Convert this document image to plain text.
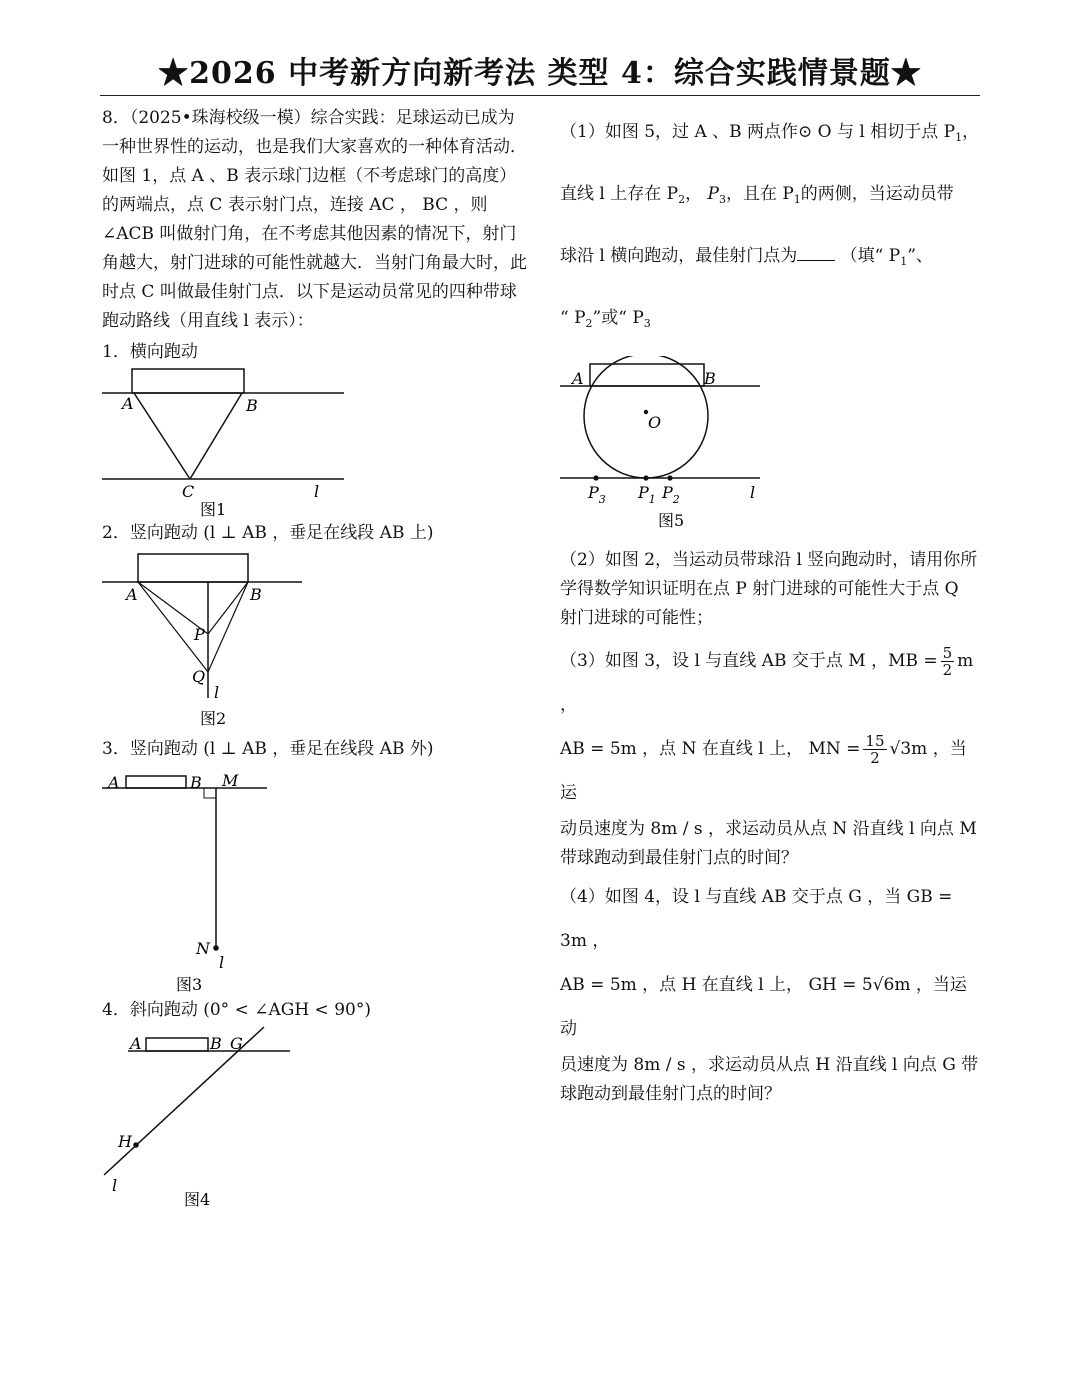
★2026 中考新方向新考法 类型 4：综合实践情景题★

8．（2025•珠海校级一模）综合实践：足球运动已成为一种世界性的运动，也是我们大家喜欢的一种体育活动．如图 1，点 A 、B 表示球门边框（不考虑球门的高度）的两端点，点 C 表示射门点，连接 AC ， BC ，则 ∠ACB 叫做射门角，在不考虑其他因素的情况下，射门角越大，射门进球的可能性就越大．当射门角最大时，此时点 C 叫做最佳射门点．以下是运动员常见的四种带球跑动路线（用直线 l 表示）：

1．横向跑动

A	B
C	l
图1

2．竖向跑动 (l ⊥ AB ，垂足在线段 AB 上)

A	B
P
Q
l
图2

3．竖向跑动 (l ⊥ AB ，垂足在线段 AB 外)

A	B M
N
l
图3

4．斜向跑动 (0° < ∠AGH < 90°)

A	B G
H
l
图4

（1）如图 5，过 A 、B 两点作⊙ O 与 l 相切于点 $P_1$，
直线 l 上存在 $P_2$， $P_3$，且在 $P_1$的两侧，当运动员带
球沿 l 横向跑动，最佳射门点为	（填“ $P_1$”、
“ $P_2$”或“ $P_3$

A	B
O
$P_3$ $P_1$ $P_2$	l
图5

（2）如图 2，当运动员带球沿 l 竖向跑动时，请用你所学得数学知识证明在点 P 射门进球的可能性大于点 Q 射门进球的可能性；

（3）如图 3，设 l 与直线 AB 交于点 M ，MB = $\frac{5}{2}$ m ，
AB = 5m ，点 N 在直线 l 上， MN = $\frac{15}{2} √3m$ ，当运

动员速度为 8m / s ，求运动员从点 N 沿直线 l 向点 M 带球跑动到最佳射门点的时间？

（4）如图 4，设 l 与直线 AB 交于点 G ，当 GB = 3m ，
AB = 5m ，点 H 在直线 l 上， GH = 5√6m ，当运动

员速度为 8m / s ，求运动员从点 H 沿直线 l 向点 G 带球跑动到最佳射门点的时间？
